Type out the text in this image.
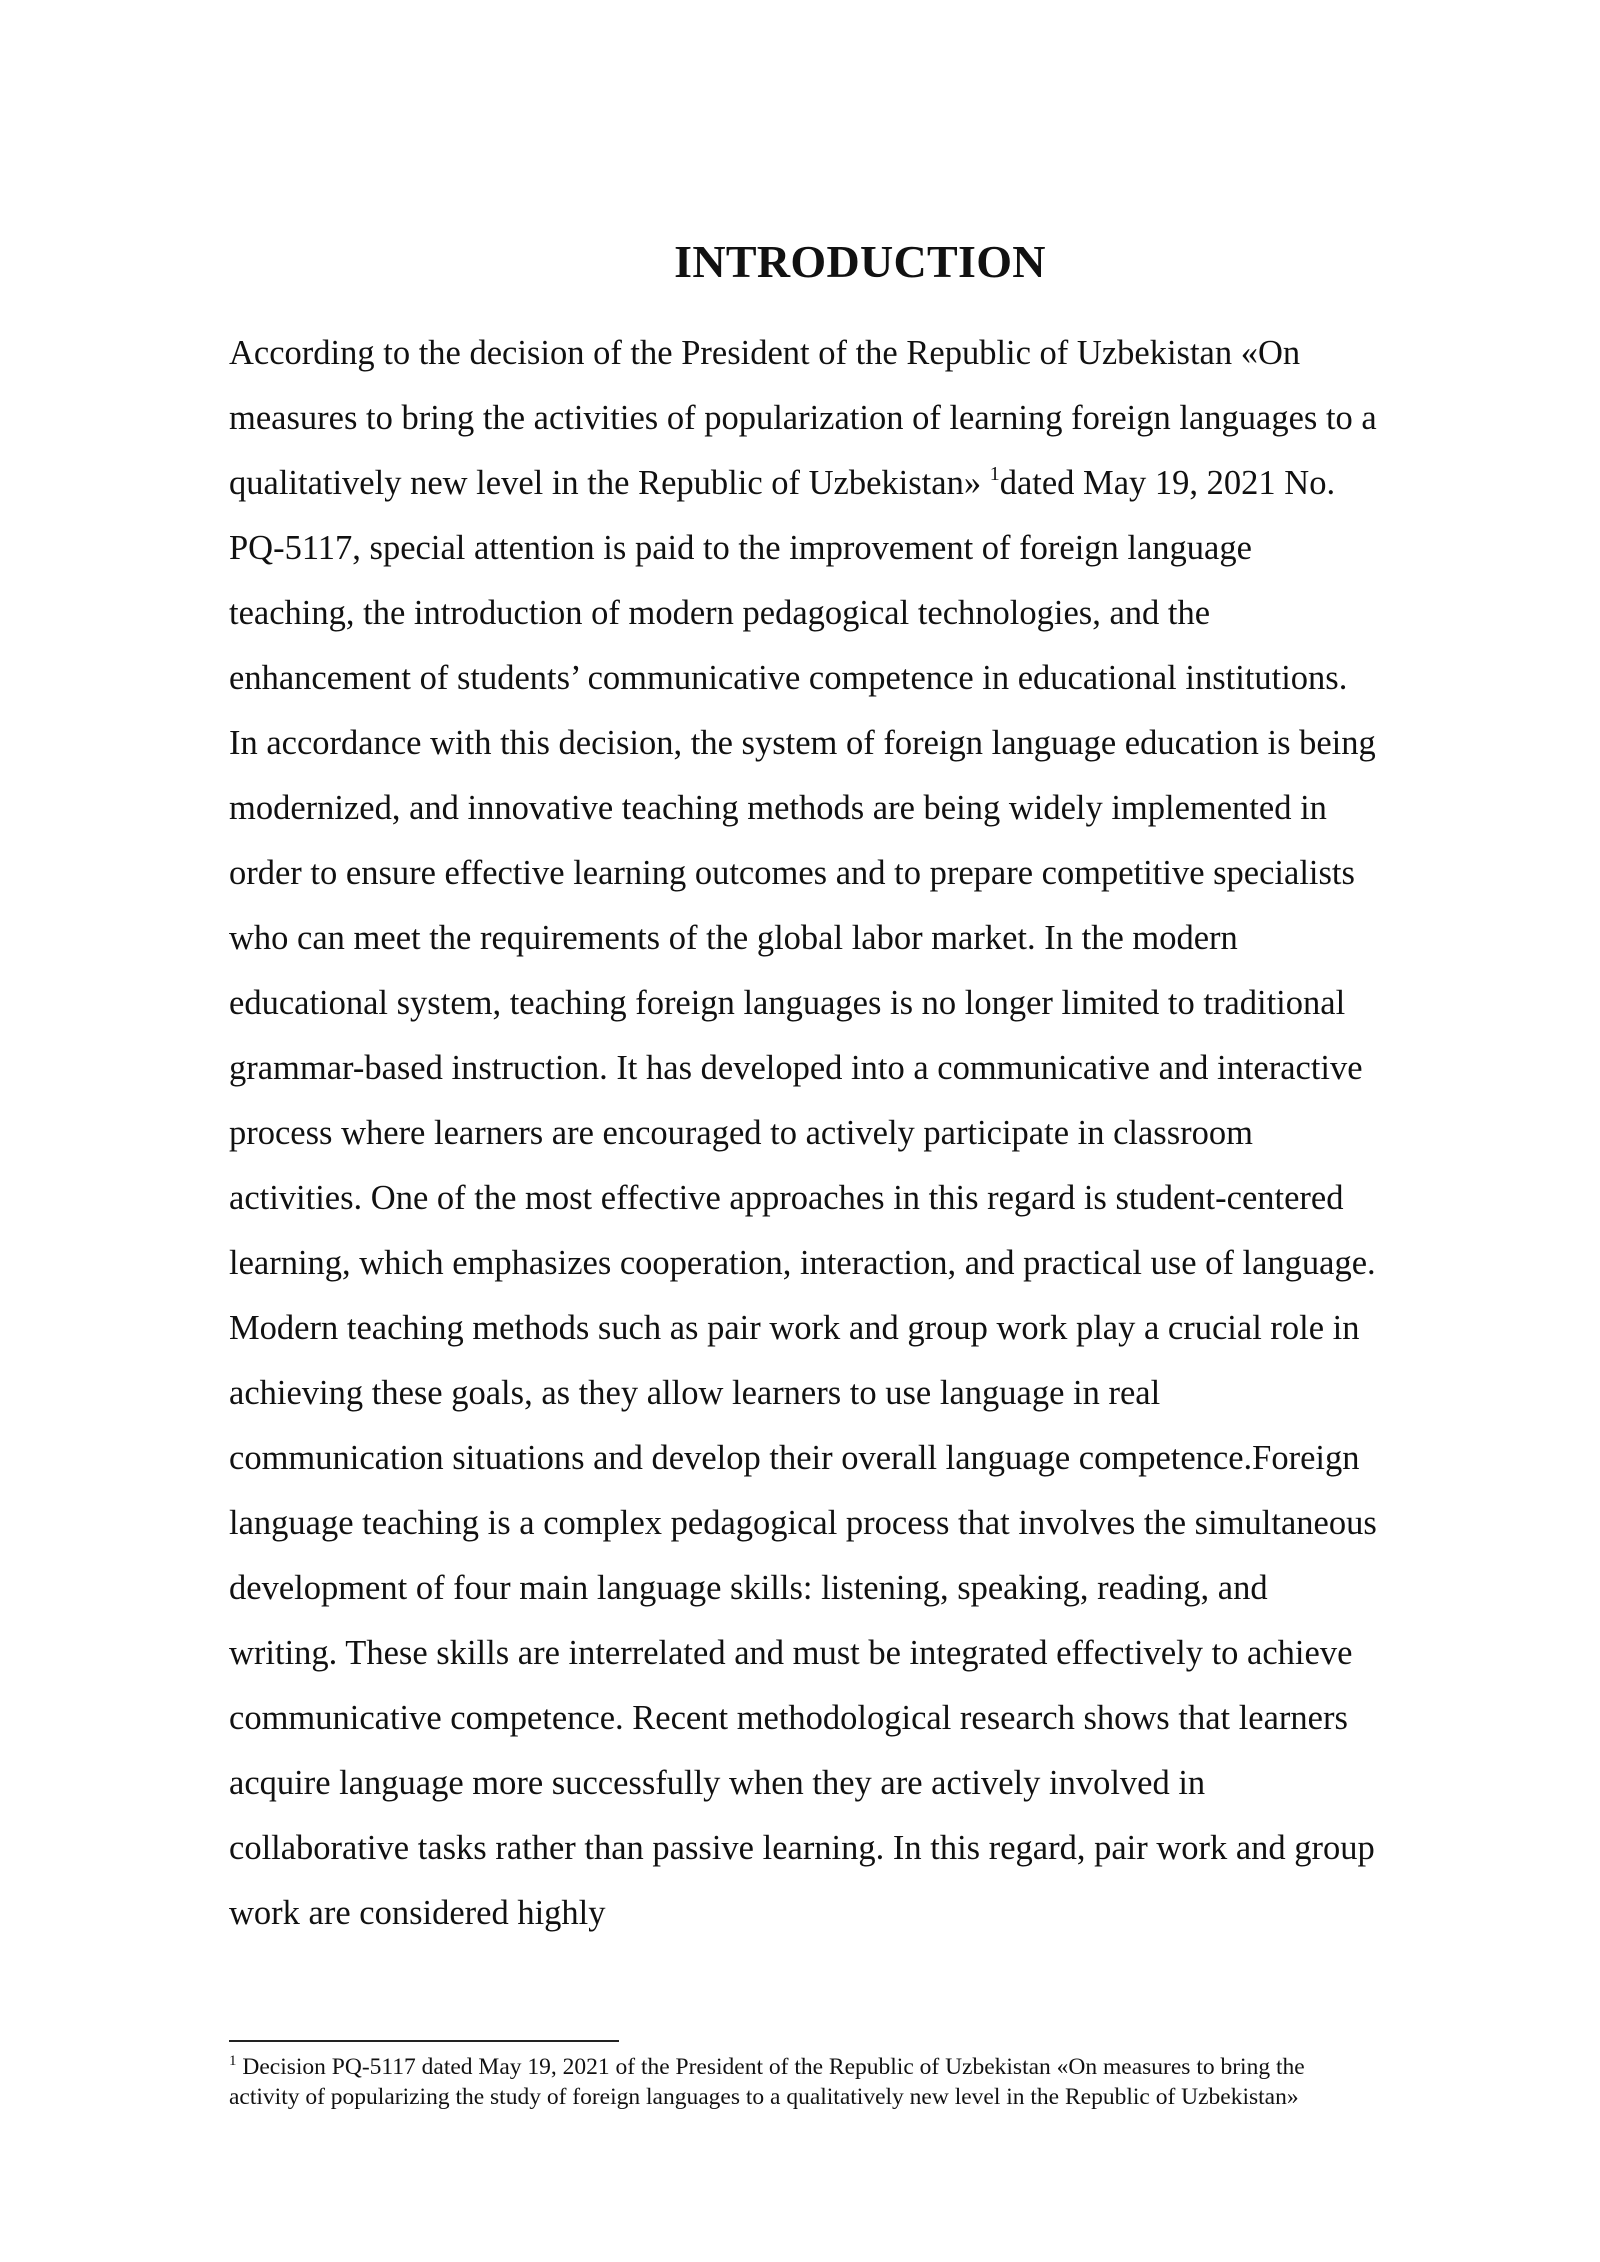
INTRODUCTION

According to the decision of the President of the Republic of Uzbekistan «On
measures to bring the activities of popularization of learning foreign languages to a
qualitatively new level in the Republic of Uzbekistan» $^1$dated May 19, 2021 No.
PQ-5117, special attention is paid to the improvement of foreign language
teaching, the introduction of modern pedagogical technologies, and the
enhancement of students’ communicative competence in educational institutions.
In accordance with this decision, the system of foreign language education is being
modernized, and innovative teaching methods are being widely implemented in
order to ensure effective learning outcomes and to prepare competitive specialists
who can meet the requirements of the global labor market. In the modern
educational system, teaching foreign languages is no longer limited to traditional
grammar-based instruction. It has developed into a communicative and interactive
process where learners are encouraged to actively participate in classroom
activities. One of the most effective approaches in this regard is student-centered
learning, which emphasizes cooperation, interaction, and practical use of language.
Modern teaching methods such as pair work and group work play a crucial role in
achieving these goals, as they allow learners to use language in real
communication situations and develop their overall language competence.Foreign
language teaching is a complex pedagogical process that involves the simultaneous
development of four main language skills: listening, speaking, reading, and
writing. These skills are interrelated and must be integrated effectively to achieve
communicative competence. Recent methodological research shows that learners
acquire language more successfully when they are actively involved in
collaborative tasks rather than passive learning. In this regard, pair work and group
work are considered highly

$^1$ Decision PQ-5117 dated May 19, 2021 of the President of the Republic of Uzbekistan «On measures to bring the
activity of popularizing the study of foreign languages to a qualitatively new level in the Republic of Uzbekistan»
